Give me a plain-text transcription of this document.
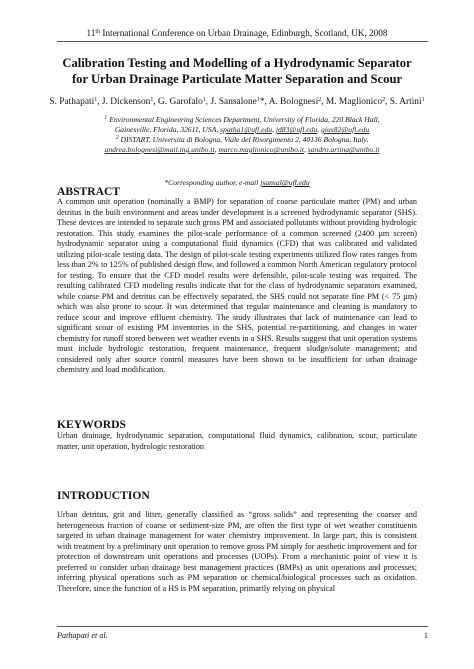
11th International Conference on Urban Drainage, Edinburgh, Scotland, UK, 2008
Calibration Testing and Modelling of a Hydrodynamic Separator
for Urban Drainage Particulate Matter Separation and Scour
S. Pathapati$^1$, J. Dickenson$^1$, G. Garofalo$^1$, J. Sansalone$^1$*, A. Bolognesi$^2$, M. Maglionico$^2$, S. Artini$^1$
$^1$ Environmental Engineering Sciences Department, University of Florida, 220 Black Hall,
Gainesville, Florida, 32611, USA, spatha1@ufl.edu, jd83@ufl.edu, gius82@ufl.edu
$^2$ DISTART, Universita di Bologna, Viale del Risorgimento 2, 40136 Bologna, Italy,
andrea.bolognesi@mail.ing.unibo.it, marco.maglionico@unibo.it, sandro.artina@unibo.it
*Corresponding author, e-mail jsansal@ufl.edu
ABSTRACT
A common unit operation (nominally a BMP) for separation of coarse particulate matter (PM) and urban detritus in the built environment and areas under development is a screened hydrodynamic separator (SHS). These devices are intended to separate such gross PM and associated pollutants without providing hydrologic restoration. This study examines the pilot-scale performance of a common screened (2400 µm screen) hydrodynamic separator using a computational fluid dynamics (CFD) that was calibrated and validated utilizing pilot-scale testing data. The design of pilot-scale testing experiments utilized flow rates ranges from less than 2% to 125% of published design flow, and followed a common North American regulatory protocol for testing. To ensure that the CFD model results were defensible, pilot-scale testing was required. The resulting calibrated CFD modeling results indicate that for the class of hydrodynamic separators examined, while coarse PM and detritus can be effectively separated, the SHS could not separate fine PM (< 75 µm) which was also prone to scour. It was determined that regular maintenance and cleaning is mandatory to reduce scour and improve effluent chemistry. The study illustrates that lack of maintenance can lead to significant scour of existing PM inventories in the SHS, potential re-partitioning, and changes in water chemistry for runoff stored between wet weather events in a SHS. Results suggest that unit operation systems must include hydrologic restoration, frequent maintenance, frequent sludge/solute management; and considered only after source control measures have been shown to be insufficient for urban drainage chemistry and load modification.
KEYWORDS
Urban drainage, hydrodynamic separation, computational fluid dynamics, calibration, scour, particulate matter, unit operation, hydrologic restoration
INTRODUCTION
Urban detritus, grit and litter, generally classified as “gross solids” and representing the coarser and heterogeneous fraction of coarse or sediment-size PM, are often the first type of wet weather constituents targeted in urban drainage management for water chemistry improvement. In large part, this is consistent with treatment by a preliminary unit operation to remove gross PM simply for aesthetic improvement and for protection of downstream unit operations and processes (UOPs). From a mechanistic point of view it is preferred to consider urban drainage best management practices (BMPs) as unit operations and processes; inferring physical operations such as PM separation or chemical/biological processes such as oxidation. Therefore, since the function of a HS is PM separation, primarily relying on physical
Pathapati et al.	1
